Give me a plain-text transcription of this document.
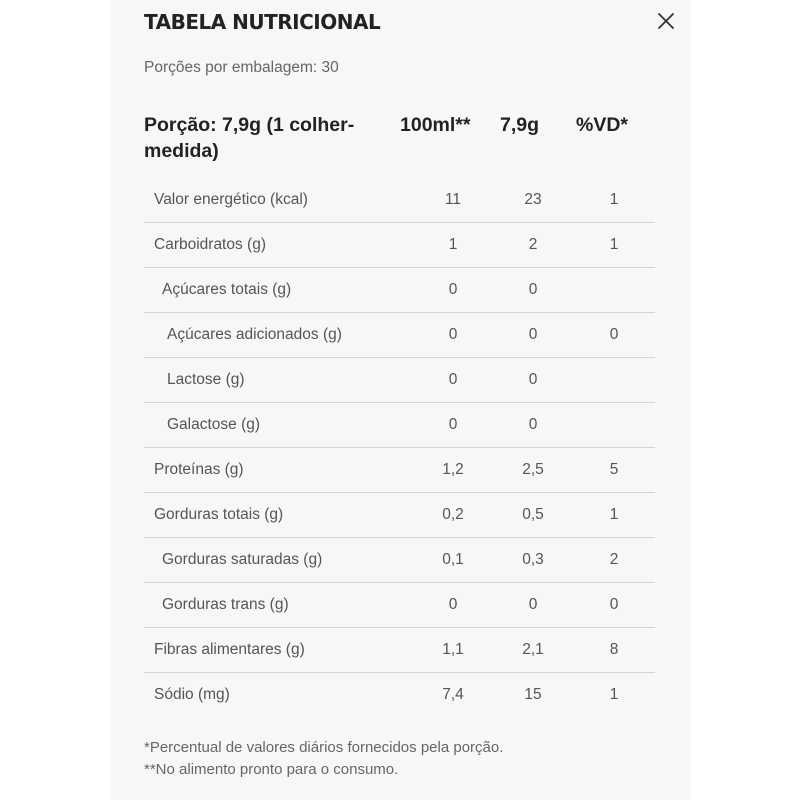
TABELA NUTRICIONAL
Porções por embalagem: 30
Porção: 7,9g (1 colher-medida)
100ml** 7,9g %VD*
Valor energético (kcal)	11	23	1
Carboidratos (g)	1	2	1
Açúcares totais (g)	0	0	
Açúcares adicionados (g)	0	0	0
Lactose (g)	0	0	
Galactose (g)	0	0	
Proteínas (g)	1,2	2,5	5
Gorduras totais (g)	0,2	0,5	1
Gorduras saturadas (g)	0,1	0,3	2
Gorduras trans (g)	0	0	0
Fibras alimentares (g)	1,1	2,1	8
Sódio (mg)	7,4	15	1
*Percentual de valores diários fornecidos pela porção.
**No alimento pronto para o consumo.
